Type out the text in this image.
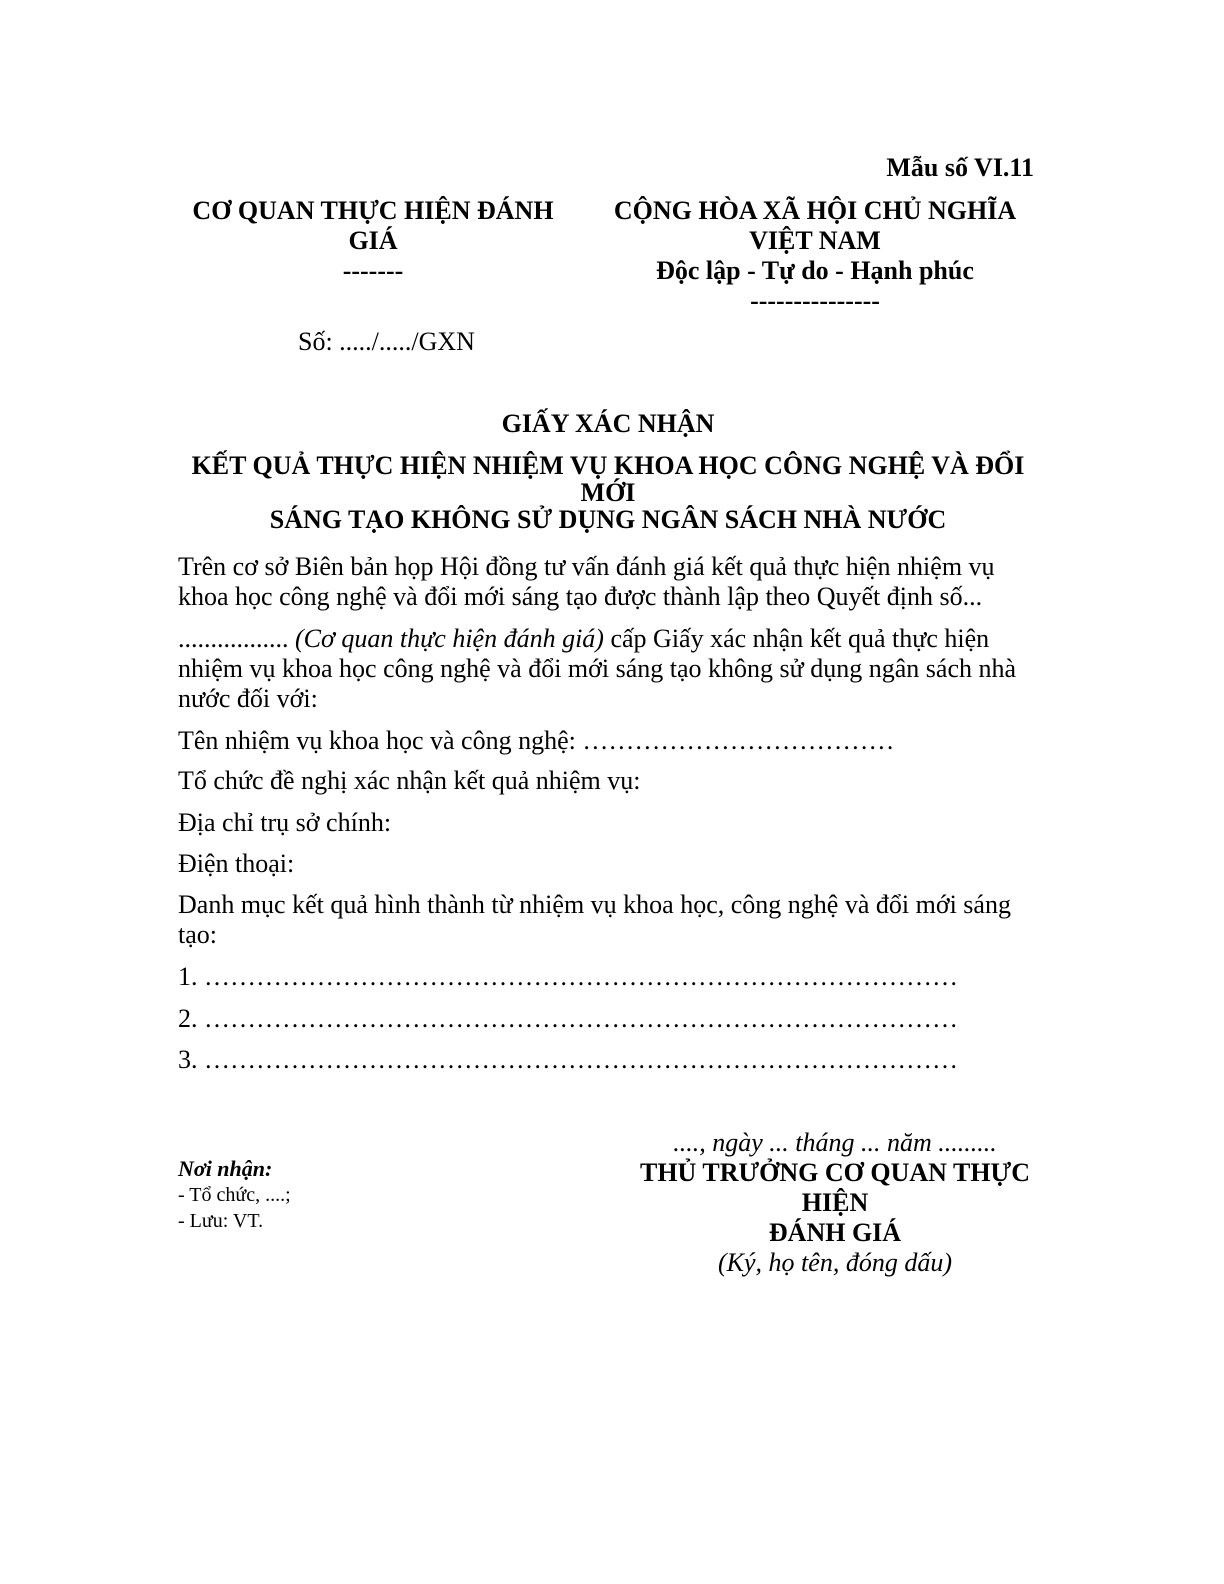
Mẫu số VI.11
CƠ QUAN THỰC HIỆN ĐÁNH GIÁ
-------
CỘNG HÒA XÃ HỘI CHỦ NGHĨA
VIỆT NAM
Độc lập - Tự do - Hạnh phúc
---------------
Số: ...../...../GXN
GIẤY XÁC NHẬN
KẾT QUẢ THỰC HIỆN NHIỆM VỤ KHOA HỌC CÔNG NGHỆ VÀ ĐỔI
MỚI
SÁNG TẠO KHÔNG SỬ DỤNG NGÂN SÁCH NHÀ NƯỚC
Trên cơ sở Biên bản họp Hội đồng tư vấn đánh giá kết quả thực hiện nhiệm vụ
khoa học công nghệ và đổi mới sáng tạo được thành lập theo Quyết định số...
................. (Cơ quan thực hiện đánh giá) cấp Giấy xác nhận kết quả thực hiện
nhiệm vụ khoa học công nghệ và đổi mới sáng tạo không sử dụng ngân sách nhà
nước đối với:
Tên nhiệm vụ khoa học và công nghệ: ………………………………
Tổ chức đề nghị xác nhận kết quả nhiệm vụ:
Địa chỉ trụ sở chính:
Điện thoại:
Danh mục kết quả hình thành từ nhiệm vụ khoa học, công nghệ và đổi mới sáng
tạo:
1. ……………………………………………………………………………
2. ……………………………………………………………………………
3. ……………………………………………………………………………
...., ngày ... tháng ... năm .........
THỦ TRƯỞNG CƠ QUAN THỰC
HIỆN
ĐÁNH GIÁ
(Ký, họ tên, đóng dấu)
Nơi nhận:
- Tổ chức, ....;
- Lưu: VT.
